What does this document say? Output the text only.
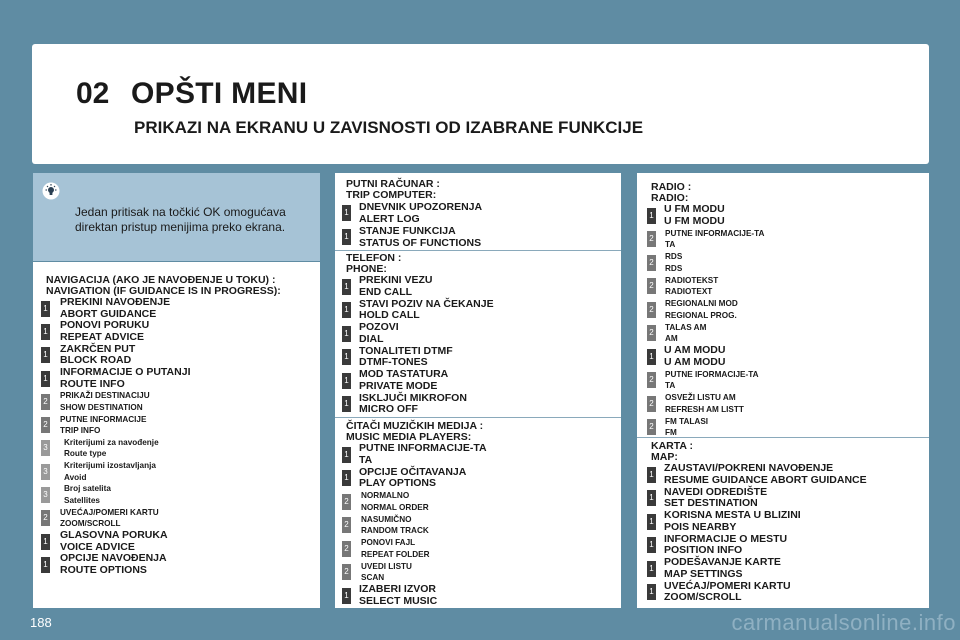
02 OPŠTI MENI
PRIKAZI NA EKRANU U ZAVISNOSTI OD IZABRANE FUNKCIJE
Jedan pritisak na točkić OK omogućava direktan pristup menijima preko ekrana.
NAVIGACIJA (AKO JE NAVOĐENJE U TOKU) :
NAVIGATION (IF GUIDANCE IS IN PROGRESS):
1
PREKINI NAVOĐENJE
ABORT GUIDANCE
1
PONOVI PORUKU
REPEAT ADVICE
1
ZAKRČEN PUT
BLOCK ROAD
1
INFORMACIJE O PUTANJI
ROUTE INFO
2
PRIKAŽI DESTINACIJU
SHOW DESTINATION
2
PUTNE INFORMACIJE
TRIP INFO
3
Kriterijumi za navođenje
Route type
3
Kriterijumi izostavljanja
Avoid
3
Broj satelita
Satellites
2
UVEĆAJ/POMERI KARTU
ZOOM/SCROLL
1
GLASOVNA PORUKA
VOICE ADVICE
1
OPCIJE NAVOĐENJA
ROUTE OPTIONS
PUTNI RAČUNAR :
TRIP COMPUTER:
1 DNEVNIK UPOZORENJA
ALERT LOG
1 STANJE FUNKCIJA
STATUS OF FUNCTIONS
TELEFON :
PHONE:
1
PREKINI VEZU
END CALL
1
STAVI POZIV NA ČEKANJE
HOLD CALL
1
POZOVI
DIAL
1
TONALITETI DTMF
DTMF-TONES
1
MOD TASTATURA
PRIVATE MODE
1
ISKLJUČI MIKROFON
MICRO OFF
ČITAČI MUZIČKIH MEDIJA :
MUSIC MEDIA PLAYERS:
1
PUTNE INFORMACIJE-TA
TA
1
OPCIJE OČITAVANJA
PLAY OPTIONS
2
NORMALNO
NORMAL ORDER
2
NASUMIČNO
RANDOM TRACK
2
PONOVI FAJL
REPEAT FOLDER
2
UVEDI LISTU
SCAN
1
IZABERI IZVOR
SELECT MUSIC
RADIO :
RADIO:
1
U FM MODU
U FM MODU
2
PUTNE INFORMACIJE-TA
TA
2
RDS
RDS
2
RADIOTEKST
RADIOTEXT
2
REGIONALNI MOD
REGIONAL PROG.
2
TALAS AM
AM
1
U AM MODU
U AM MODU
2
PUTNE IFORMACIJE-TA
TA
2
OSVEŽI LISTU AM
REFRESH AM LISTT
2
FM TALASI
FM
KARTA :
MAP:
1
ZAUSTAVI/POKRENI NAVOĐENJE
RESUME GUIDANCE ABORT GUIDANCE
1
NAVEDI ODREDIŠTE
SET DESTINATION
1
KORISNA MESTA U BLIZINI
POIS NEARBY
1
INFORMACIJE O MESTU
POSITION INFO
1
PODEŠAVANJE KARTE
MAP SETTINGS
1
UVEĆAJ/POMERI KARTU
ZOOM/SCROLL
188	carmanualsonline.info
